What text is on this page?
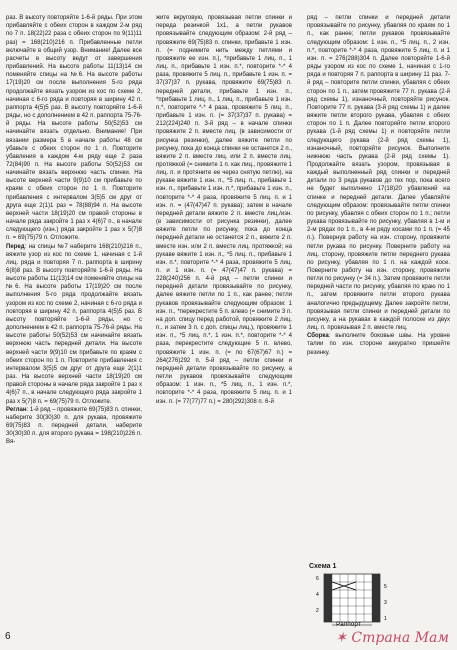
раз. В высоту повторяйте 1-6-й ряды. При этом прибавляйте с обеих сторон в каждом 2-м ряд по 7 п. 18(22)22 раза с обеих сторон по 9(11)11 раз) = 168(210)216 п. Прибавленные петли включайте в общий узор. Внимание! Далее все расчеты в высоту ведут от завершения прибавлений. На высоте работы 11(13)14 см поменяйте спицы на №6. На высоте работы 17(19)20 см после выполнения 5-го ряда продолжайте вязать узором из кос по схеме 2, начиная с 6-го ряда и повторяя в ширину 42 п. раппорта 4(5)5 раз. В высоту повторяйте 1-6-й ряды, но с дополнением в 42 п. раппорта 75-76-й ряды. На высоте работы 50(52)53 см начинайте вязать отдельно. Внимание! При вязании размера 5 в начале работы 48 см убавьте с обеих сторон по 1 п. Повторите убавления в каждом 4-м ряду еще 2 раза 72(84)90 п. На высоте работы 50(52)53 см начинайте вязать верхнюю часть спинки. На высоте верхней части 9(9)10 см прибавьте по краям с обеих сторон по 1 п. Повторите прибавления с интервалом 3(5)5 см друг от друга еще 2(1)1 раз = 78(88)94 п. На высоте верхней части 18(19)20 см правой стороны в начале ряда закройте 1 раз x 4(6)7 п., в начале следующего (изн.) ряда закройте 1 раз x 5(7)8 п. = 69(75)79 п. Отложите.
Перед: на спицы №7 наберите 168(210)216 п., вяжите узор из кос по схеме 1, начиная с 1-й лиц. ряда и повторяя 7 п. раппорта в ширину 6(8)8 раз. В высоту повторяйте 1-6-й ряды. На высоте работы 11(13)14 см поменяйте спицы на №6. На высоте работы 17(19)20 см после выполнения 5-го ряда продолжайте вязать узором из кос по схеме 2, начиная с 6-го ряда и повторяя в ширину 42 п. раппорта 4(5)5 раз. В высоту повторяйте 1-6-й ряды, но с дополнением в 42 п. раппорта 75-76-й ряды. На высоте работы 50(52)53 см начинайте вязать верхнюю часть передней детали. На высоте верхней части 9(9)10 см прибавьте по краям с обеих сторон по 1 п. Повторите прибавления с интервалом 3(5)5 см друг от друга еще 2(1)1 раз. На высоте верхней части 18(19)20 см правой стороны в начале ряда закройте 1 раз x 4(6)7 п., в начале следующего ряда закройте 1 раз x 5(7)8 п. = 69(75)79 п. Отложите.
Реглан: 1-й ряд – провяжите 69(75)83 п. спинки, наберите 30(30)30 п. для рукава, провяжите 69(75)83 п. передней детали, наберите 30(30)30 п. для второго рукава = 198(210)226 п. Вя-

жите вкруговую, провязывая петли спинки и переда резинкой 1x1, а петли рукавов провязывайте следующим образом: 2-й ряд – провяжите 69(75)83 п. спинки, прибавьте 1 изн. п. (= поднимите нить между петлями и провяжите ее изн. п.), *прибавьте 1 лиц. п., 1 лиц. п., прибавьте 1 изн. п.*, повторите *-* 4 раза, провяжите 5 лиц. п., прибавьте 1 изн. п. = 37(37)37 п. рукава, провяжите 69(75)83 п. передней детали, прибавьте 1 изн. п., *прибавьте 1 лиц. п., 1 лиц. п., прибавьте 1 изн. п.*, повторите *-* 4 раза, провяжите 5 лиц. п., прибавьте 1 изн. п. (= 37(37)37 п. рукава) = 212(224)240 п. 3-й ряд – в начале спинки провяжите 2 п. вместе лиц. (в зависимости от рисунка резинки), далее вяжите петли по рисунку, пока до конца спинки не останется 2 п., вяжите 2 п. вместе лиц. или 2 п. вместе лиц. протяжкой (= снимите 1 п. как лиц., провяжите 1 лиц. п. и протяните ее через снятую петлю), на рукаве вяжите 1 изн. п., *5 лиц. п., прибавьте 1 изн. п., прибавьте 1 изн. п.*, прибавьте 1 изн. п., повторите *-* 4 раза, провяжите 5 лиц. п. и 1 изн. п. = (47(47)47 п. рукава); затем в начале передней детали вяжите 2 п. вместе лиц./изн. (в зависимости от рисунка резинки), далее вяжите петли по рисунку, пока до конца передней детали не останется 2 п., вяжите 2 п. вместе изн. или 2 п. вместе лиц. протяжкой; на рукаве вяжите 1 изн. п., *5 лиц. п., прибавьте 1 изн. п.*, повторите *-* 4 раза, провяжите 5 лиц. п. и 1 изн. п. (= 47(47)47 п. рукава) = 228(240)256 п. 4-й ряд – петли спинки и передней детали провязывайте по рисунку, далее вяжите петли по 1 п., как ранее; петли рукавов провязывайте следующим образом: 1 изн. п., *перекрестите 5 п. влево (= снимите 3 п. на доп. спицу перед работой, провяжите 2 лиц. п., и затем 3 п. с доп. спицы лиц.), провяжите 1 изн. п., *5 лиц. п.*, 1 изн. п.*, повторите *-* 4 раза, перекрестите следующие 5 п. влево, провяжите 1 изн. п. (= по 67(67)67 п.) = 264(276)292 п. 5-й ряд – петли спинки и передней детали провязывайте по рисунку, а петли рукавов провязывайте следующим образом: 1 изн. п., *5 лиц. п., 1 изн. п.*, повторите *-* 4 раза, провяжите 5 лиц. п. и 1 изн. п. (= 77(77)77 п.) = 280(292)308 п. 6-й

ряд – петли спинки и передней детали провязывайте по рисунку, убавляя по краям по 1 п., как ранее; петли рукавов провязывайте следующим образом: 1 изн. п., *5 лиц. п., 2 изн. п.*, повторите *-* 4 раза, провяжите 5 лиц. п. и 1 изн. п. = 276(288)304 п. Далее повторяйте 1-6-й ряды узором из кос по схеме 1, начиная с 1-го ряда и повторяя 7 п. раппорта в ширину 11 раз. 7-й ряд – повторите петли спинки, убавляя с обеих сторон по 1 п., затем провяжите 77 п. рукава (2-й ряд схемы 1), изнаночный, повторяйте рисунок. Повторите 77 п. рукава (3-й ряд схемы 1) и далее вяжите петли второго рукава, убавляя с обеих сторон по 1 п. Далее повторяйте петли второго рукава (1-й ряд схемы 1) и повторяйте петли следующего рукава (2-й ряд схемы 1), изнаночный, повторяйте рисунок. Выполните нижнюю часть рукава (2-й ряд схемы 1). Продолжайте вязать узором, провязывая в каждый выполненный ряд спинки и передней детали по 3 ряда рукавов до тех пор, пока всего не будет выполнено 17(18)20 убавлений на спинке и передней детали. Далее убавляйте следующим образом: провязывайте петли спинки по рисунку, убавляя с обеих сторон по 1 п.; петли рукава провязывайте по рисунку, убавляя в 1-м и 2-м рядах по 1 п., в 4-м ряду косами по 1 п. (= 45 п.). Повернув работу на изн. сторону, провяжите петли рукава по рисунку. Поверните работу на лиц. сторону, провяжите петли переднего рукава по рисунку, убавляя по 1 п. на каждой косе. Поверните работу на изн. сторону, провяжите петли по рисунку (= 34 п.). Затем провяжите петли передней части по рисунку, убавляя по краю по 1 п., затем провяжите петли второго рукава аналогично предыдущему. Далее закройте петли, провязывая петли спинки и передней детали по рисунку, а на рукавах в каждой полоске из двух лиц. п. провязывая 2 п. вместе лиц.
Сборка: выполните боковые швы. На уровне талии по изн. стороне аккуратно пришейте резинку.

Схема 1
6
5
4
3
2
1
Раппорт
6	✶ Страна Мам
